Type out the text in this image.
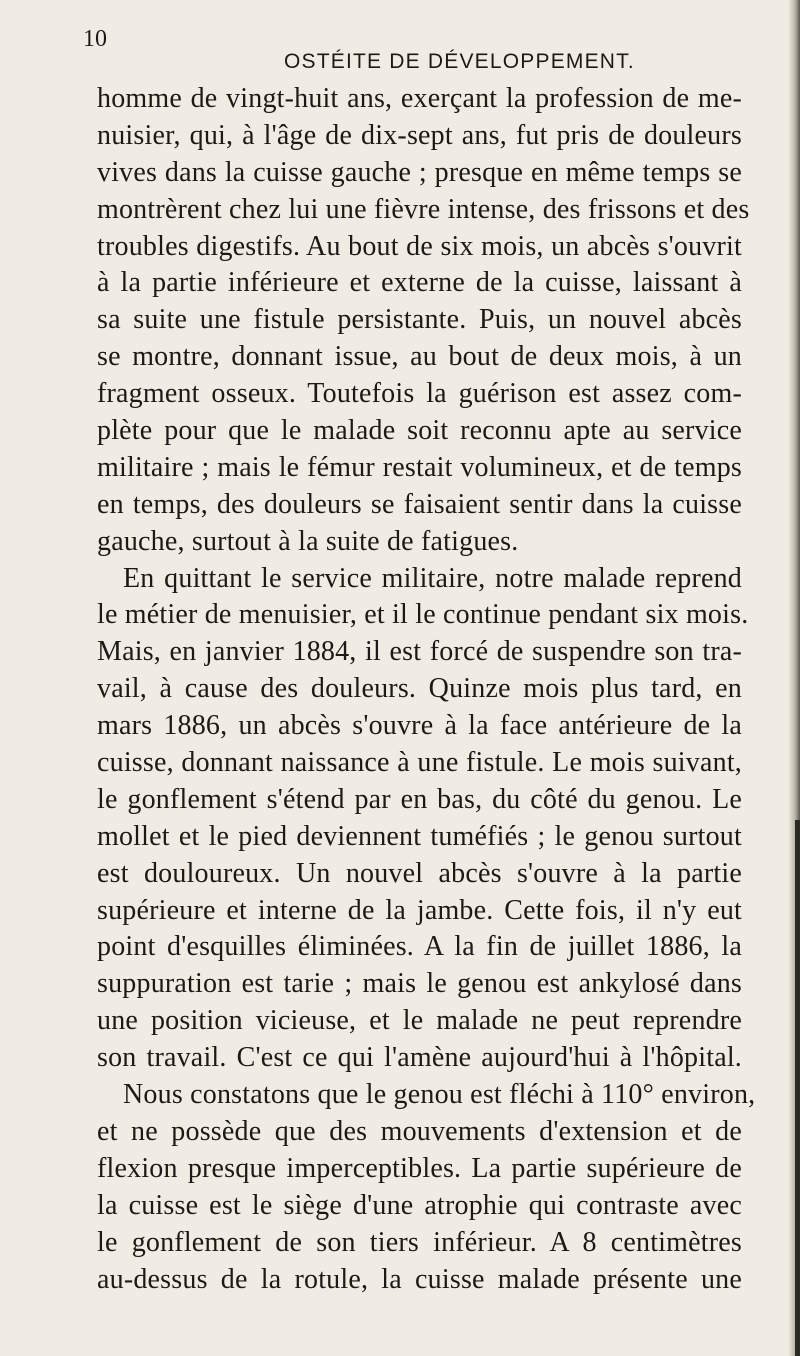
10
OSTÉITE DE DÉVELOPPEMENT.
homme de vingt-huit ans, exerçant la profession de me-
nuisier, qui, à l'âge de dix-sept ans, fut pris de douleurs
vives dans la cuisse gauche ; presque en même temps se
montrèrent chez lui une fièvre intense, des frissons et des
troubles digestifs. Au bout de six mois, un abcès s'ouvrit
à la partie inférieure et externe de la cuisse, laissant à
sa suite une fistule persistante. Puis, un nouvel abcès
se montre, donnant issue, au bout de deux mois, à un
fragment osseux. Toutefois la guérison est assez com-
plète pour que le malade soit reconnu apte au service
militaire ; mais le fémur restait volumineux, et de temps
en temps, des douleurs se faisaient sentir dans la cuisse
gauche, surtout à la suite de fatigues.
En quittant le service militaire, notre malade reprend
le métier de menuisier, et il le continue pendant six mois.
Mais, en janvier 1884, il est forcé de suspendre son tra-
vail, à cause des douleurs. Quinze mois plus tard, en
mars 1886, un abcès s'ouvre à la face antérieure de la
cuisse, donnant naissance à une fistule. Le mois suivant,
le gonflement s'étend par en bas, du côté du genou. Le
mollet et le pied deviennent tuméfiés ; le genou surtout
est douloureux. Un nouvel abcès s'ouvre à la partie
supérieure et interne de la jambe. Cette fois, il n'y eut
point d'esquilles éliminées. A la fin de juillet 1886, la
suppuration est tarie ; mais le genou est ankylosé dans
une position vicieuse, et le malade ne peut reprendre
son travail. C'est ce qui l'amène aujourd'hui à l'hôpital.
Nous constatons que le genou est fléchi à 110° environ,
et ne possède que des mouvements d'extension et de
flexion presque imperceptibles. La partie supérieure de
la cuisse est le siège d'une atrophie qui contraste avec
le gonflement de son tiers inférieur. A 8 centimètres
au-dessus de la rotule, la cuisse malade présente une
